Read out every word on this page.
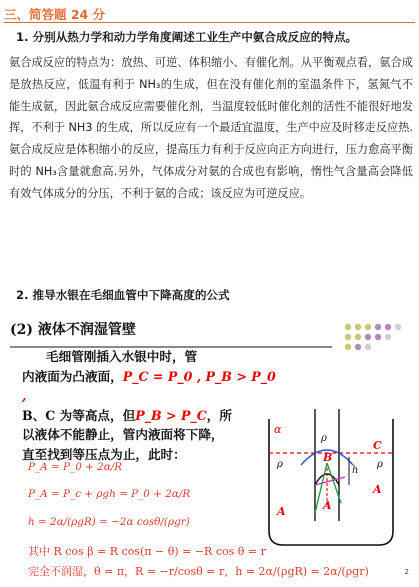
三、简答题 24 分
1. 分别从热力学和动力学角度阐述工业生产中氨合成反应的特点。

氨合成反应的特点为：放热、可逆、体积缩小、有催化剂。从平衡观点看，氨合成是放热反应，低温有利于 NH₃的生成，但在没有催化剂的室温条件下，氢氮气不能生成氨，因此氨合成反应需要催化剂，当温度较低时催化剂的活性不能很好地发挥，不利于 NH3 的生成，所以反应有一个最适宜温度，生产中应及时移走反应热.氨合成反应是体积缩小的反应，提高压力有利于反应向正方向进行，压力愈高平衡时的 NH₃含量就愈高.另外，气体成分对氨的合成也有影响，惰性气含量高会降低有效气体成分的分压，不利于氨的合成；该反应为可逆反应。

2. 推导水银在毛细血管中下降高度的公式
(2) 液体不润湿管壁

毛细管刚插入水银中时，管

内液面为凸液面，P_C = P_0 , P_B > P_0 ,

B、C 为等高点，但P_B > P_C，所

以液体不能静止，管内液面将下降，

直至找到等压点为止，此时：

P_A = P_0 + 2α/R
P_A = P_c + ρgh = P_0 + 2α/R
h = 2α/(ρgR) = −2α cosθ/(ρgr)
其中 R cos β = R cos(π − θ) = −R cos θ = r
完全不润湿，θ = π，R = −r/cosθ = r，h = 2α/(ρgR) = 2α/(ρgr)	2
α
ρ	ρ
ρ
B
C
A
A
A
h
